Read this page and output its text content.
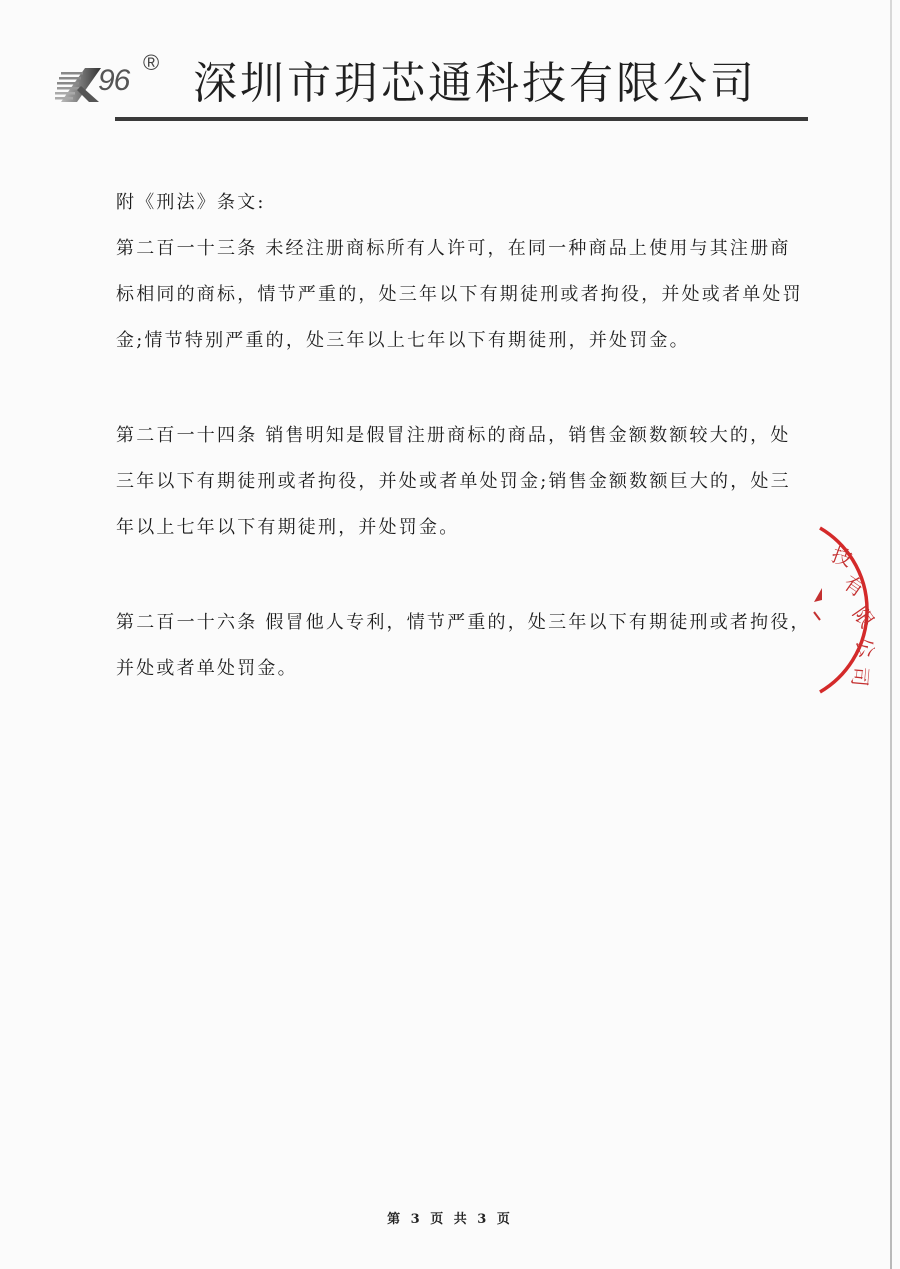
96
® 深圳市玥芯通科技有限公司
附《刑法》条文:
第二百一十三条 未经注册商标所有人许可，在同一种商品上使用与其注册商
标相同的商标，情节严重的，处三年以下有期徒刑或者拘役，并处或者单处罚
金;情节特别严重的，处三年以上七年以下有期徒刑，并处罚金。
第二百一十四条 销售明知是假冒注册商标的商品，销售金额数额较大的，处
三年以下有期徒刑或者拘役，并处或者单处罚金;销售金额数额巨大的，处三
年以上七年以下有期徒刑，并处罚金。
第二百一十六条 假冒他人专利，情节严重的，处三年以下有期徒刑或者拘役，
并处或者单处罚金。
技
有
限
公
司
第 3 页 共 3 页
